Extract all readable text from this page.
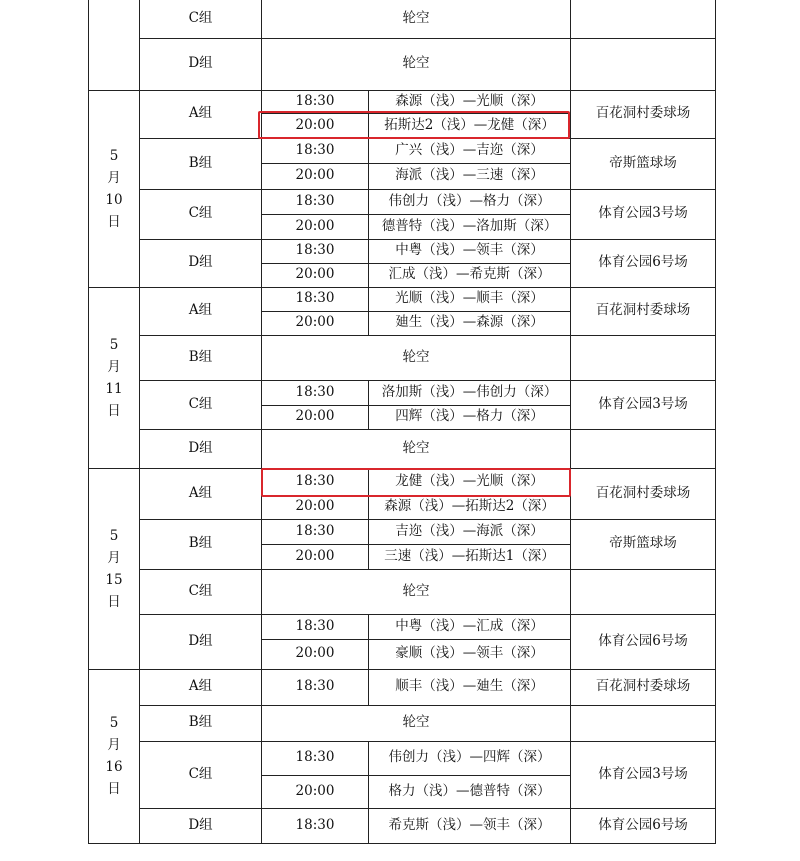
	C组	轮空		
	D组	轮空		

5
月
10
日	A组	18:30	森源（浅）—光顺（深）	百花洞村委球场
		20:00	拓斯达2（浅）—龙健（深）	
	B组	18:30	广兴（浅）—吉迩（深）	帝斯篮球场
		20:00	海派（浅）—三速（深）	
	C组	18:30	伟创力（浅）—格力（深）	体育公园3号场
		20:00	德普特（浅）—洛加斯（深）	
	D组	18:30	中粤（浅）—领丰（深）	体育公园6号场
		20:00	汇成（浅）—希克斯（深）	

5
月
11
日	A组	18:30	光顺（浅）—顺丰（深）	百花洞村委球场
		20:00	廸生（浅）—森源（深）	
	B组	轮空		
	C组	18:30	洛加斯（浅）—伟创力（深）	体育公园3号场
		20:00	四辉（浅）—格力（深）	
	D组	轮空		

5
月
15
日	A组	18:30	龙健（浅）—光顺（深）	百花洞村委球场
		20:00	森源（浅）—拓斯达2（深）	
	B组	18:30	吉迩（浅）—海派（深）	帝斯篮球场
		20:00	三速（浅）—拓斯达1（深）	
	C组	轮空		
	D组	18:30	中粤（浅）—汇成（深）	体育公园6号场
		20:00	豪顺（浅）—领丰（深）	

5
月
16
日	A组	18:30	顺丰（浅）—廸生（深）	百花洞村委球场
	B组	轮空		
	C组	18:30	伟创力（浅）—四辉（深）	体育公园3号场
		20:00	格力（浅）—德普特（深）	
	D组	18:30	希克斯（浅）—领丰（深）	体育公园6号场
